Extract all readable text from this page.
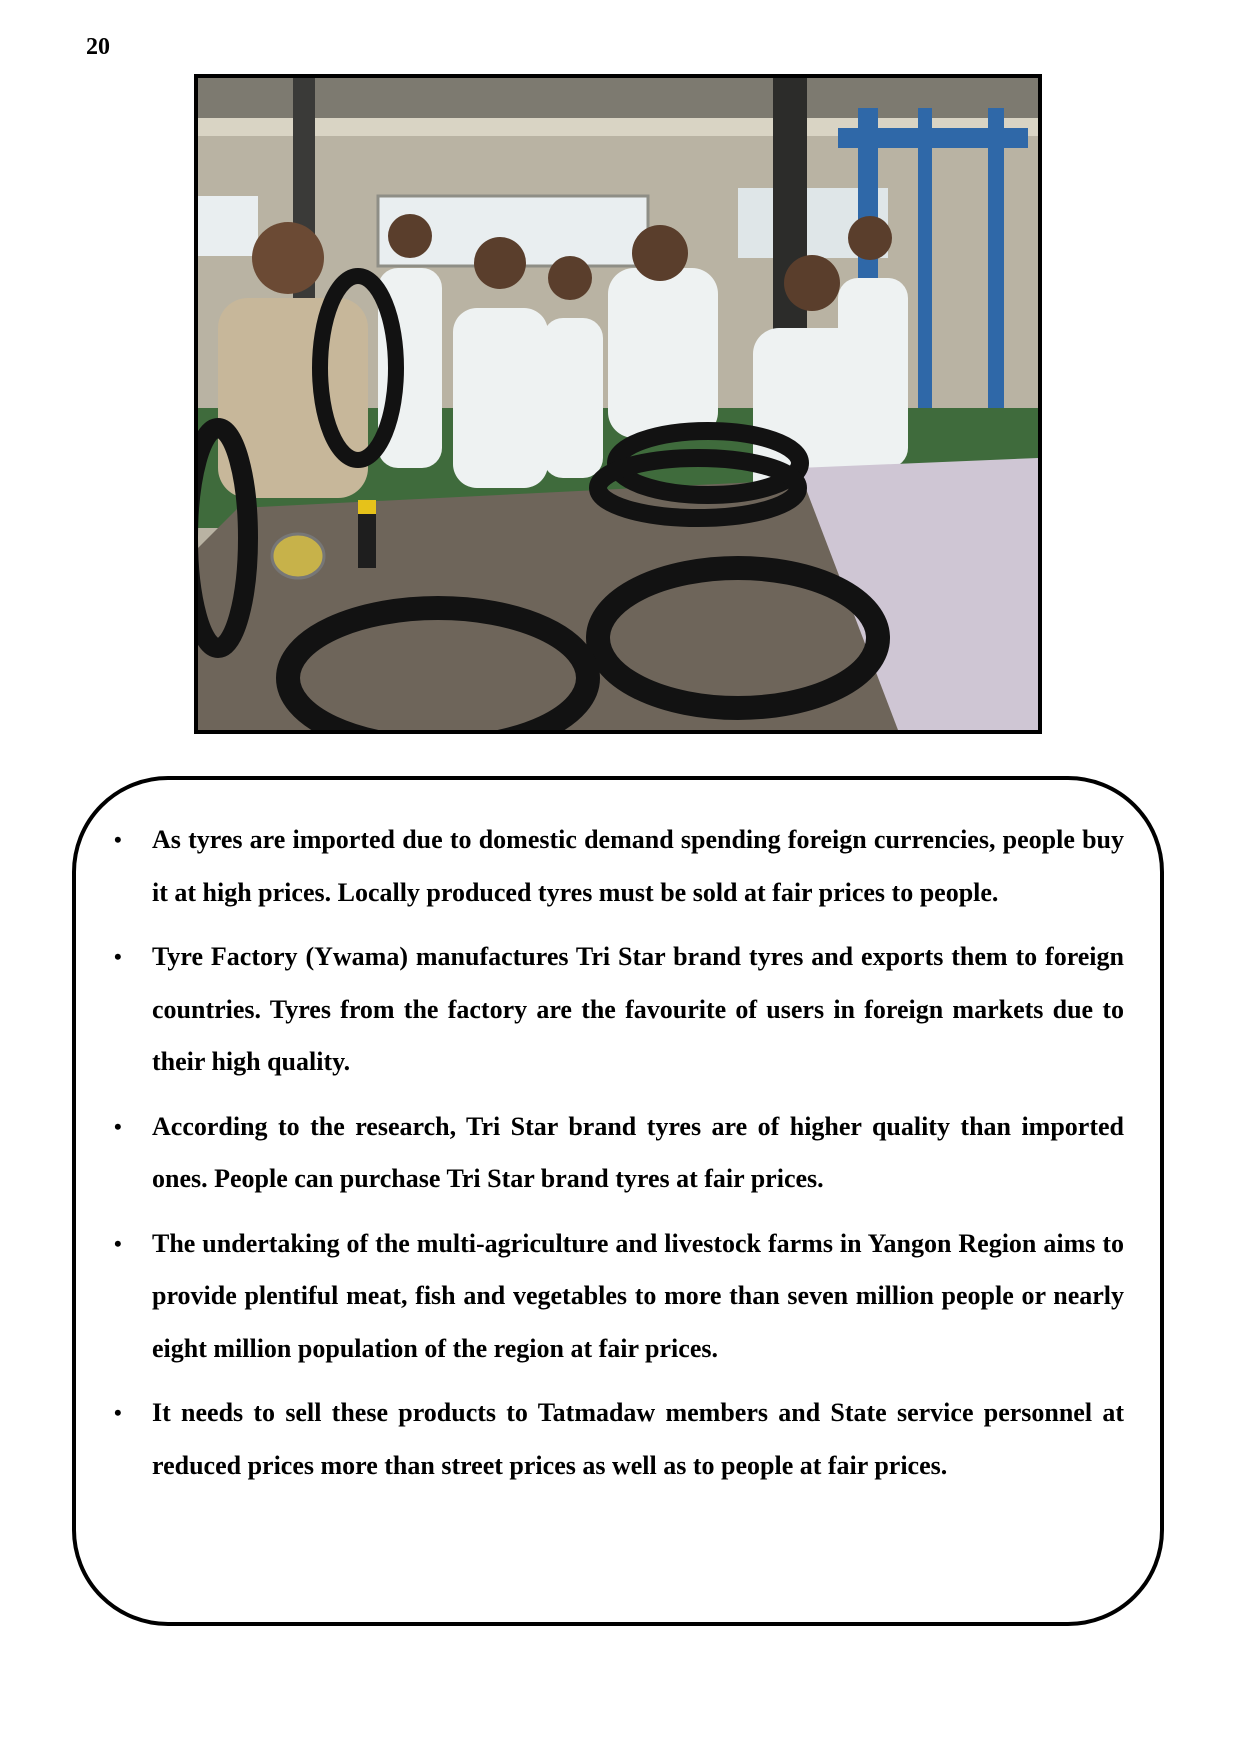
20
• As tyres are imported due to domestic demand spending foreign currencies, people buy it at high prices. Locally produced tyres must be sold at fair prices to people.
• Tyre Factory (Ywama) manufactures Tri Star brand tyres and exports them to foreign countries. Tyres from the factory are the favourite of users in foreign markets due to their high quality.
• According to the research, Tri Star brand tyres are of higher quality than imported ones. People can purchase Tri Star brand tyres at fair prices.
• The undertaking of the multi-agriculture and livestock farms in Yangon Region aims to provide plentiful meat, fish and vegetables to more than seven million people or nearly eight million population of the region at fair prices.
• It needs to sell these products to Tatmadaw members and State service personnel at reduced prices more than street prices as well as to people at fair prices.
